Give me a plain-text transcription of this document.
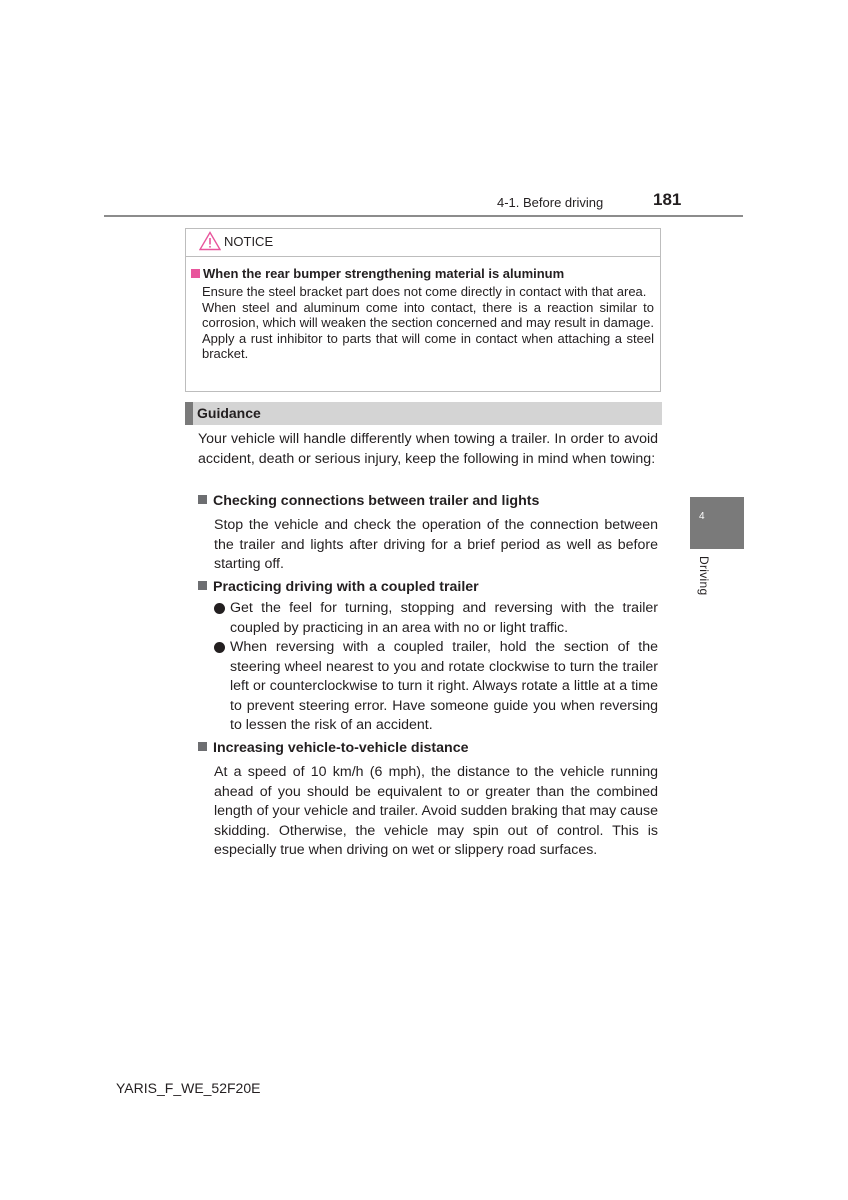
4-1. Before driving	181
NOTICE
When the rear bumper strengthening material is aluminum

Ensure the steel bracket part does not come directly in contact with that area.

When steel and aluminum come into contact, there is a reaction similar to corrosion, which will weaken the section concerned and may result in damage. Apply a rust inhibitor to parts that will come in contact when attaching a steel bracket.

Guidance

Your vehicle will handle differently when towing a trailer. In order to avoid accident, death or serious injury, keep the following in mind when towing:

Checking connections between trailer and lights

Stop the vehicle and check the operation of the connection between the trailer and lights after driving for a brief period as well as before starting off.

Practicing driving with a coupled trailer

Get the feel for turning, stopping and reversing with the trailer coupled by practicing in an area with no or light traffic.
When reversing with a coupled trailer, hold the section of the steering wheel nearest to you and rotate clockwise to turn the trailer left or counterclockwise to turn it right. Always rotate a little at a time to prevent steering error. Have someone guide you when reversing to lessen the risk of an accident.

Increasing vehicle-to-vehicle distance

At a speed of 10 km/h (6 mph), the distance to the vehicle running ahead of you should be equivalent to or greater than the combined length of your vehicle and trailer. Avoid sudden braking that may cause skidding. Otherwise, the vehicle may spin out of control. This is especially true when driving on wet or slippery road surfaces.

4
Driving
YARIS_F_WE_52F20E
